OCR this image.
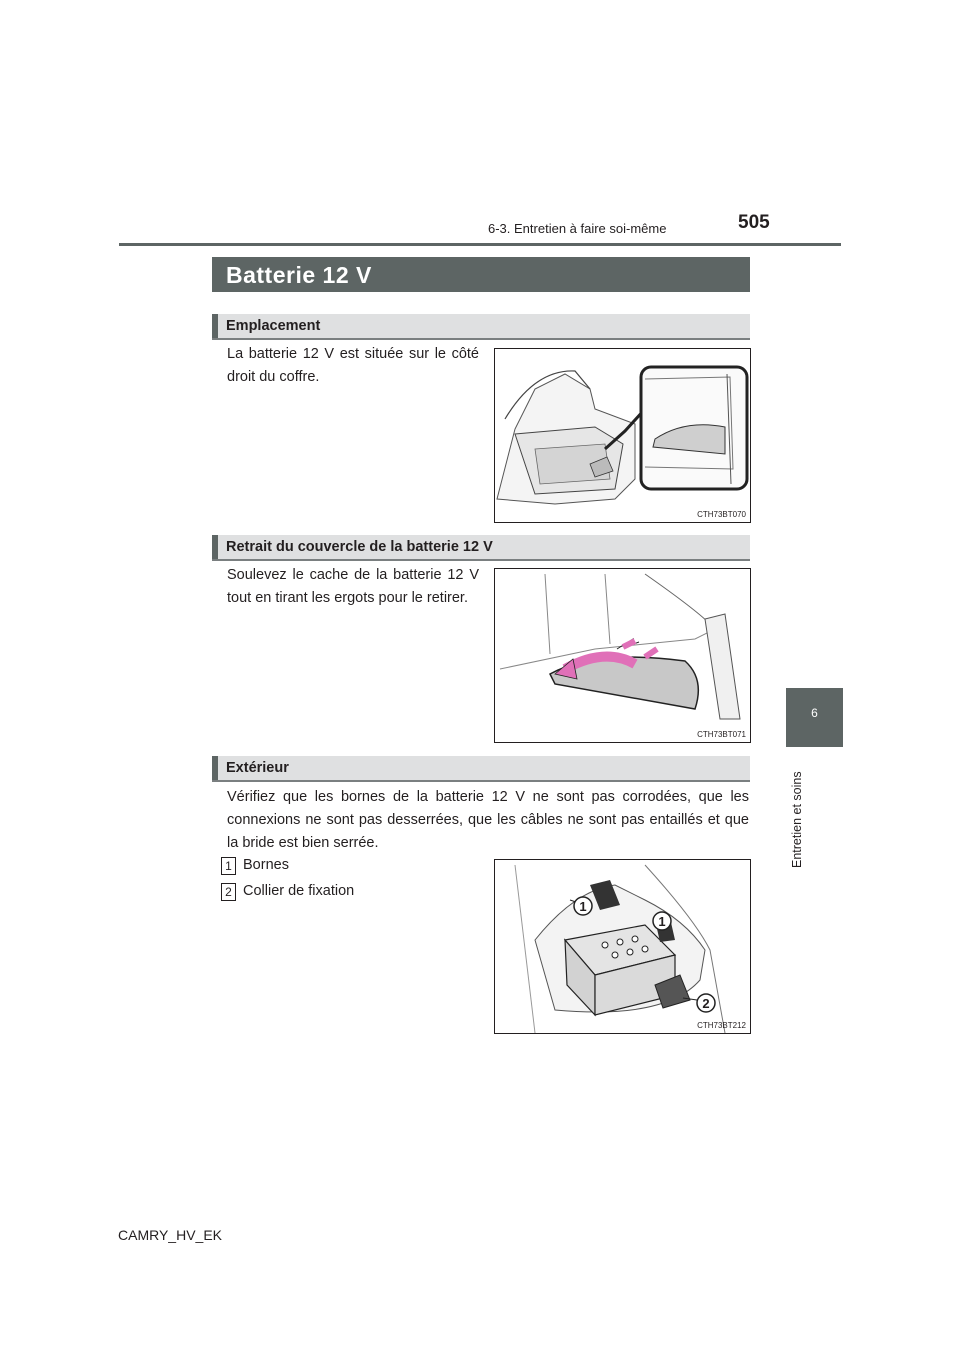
6-3. Entretien à faire soi-même	505
6
Entretien et soins
Batterie 12 V
Emplacement
La batterie 12 V est située sur le côté droit du coffre.
CTH73BT070
Retrait du couvercle de la batterie 12 V
Soulevez le cache de la batterie 12 V tout en tirant les ergots pour le retirer.
CTH73BT071
Extérieur
Vérifiez que les bornes de la batterie 12 V ne sont pas corrodées, que les connexions ne sont pas desserrées, que les câbles ne sont pas entaillés et que la bride est bien serrée.
1 Bornes
2 Collier de fixation
1
1
2
CTH73BT212
CAMRY_HV_EK
